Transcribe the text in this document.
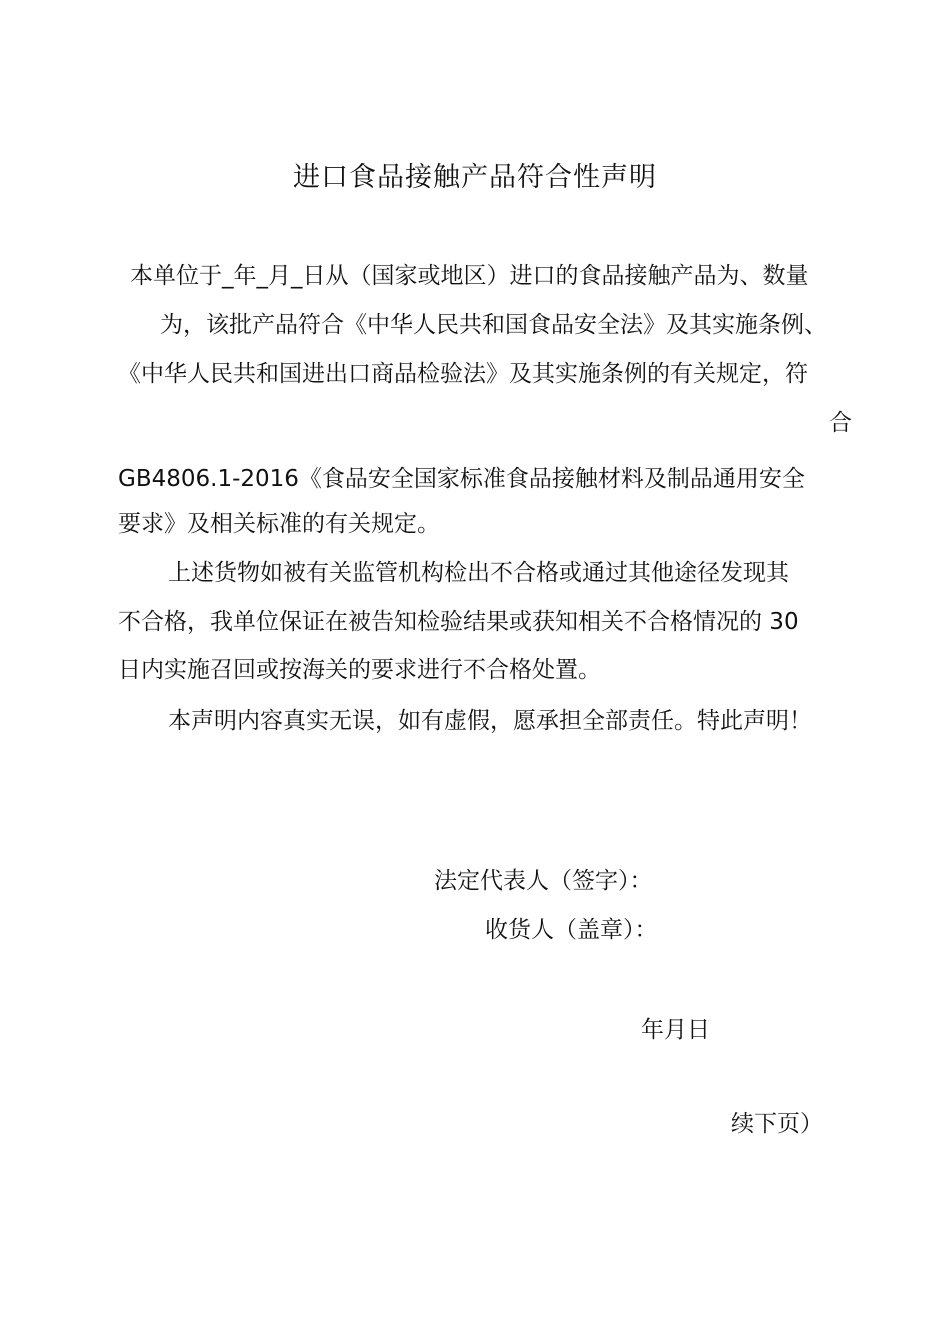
进口食品接触产品符合性声明
本单位于_年_月_日从（国家或地区）进口的食品接触产品为、数量
为，该批产品符合《中华人民共和国食品安全法》及其实施条例、
《中华人民共和国进出口商品检验法》及其实施条例的有关规定，符
合
GB4806.1-2016《食品安全国家标准食品接触材料及制品通用安全
要求》及相关标准的有关规定。
上述货物如被有关监管机构检出不合格或通过其他途径发现其
不合格，我单位保证在被告知检验结果或获知相关不合格情况的 30
日内实施召回或按海关的要求进行不合格处置。
本声明内容真实无误，如有虚假，愿承担全部责任。特此声明！
法定代表人（签字）：
收货人（盖章）：
年月日
续下页）
